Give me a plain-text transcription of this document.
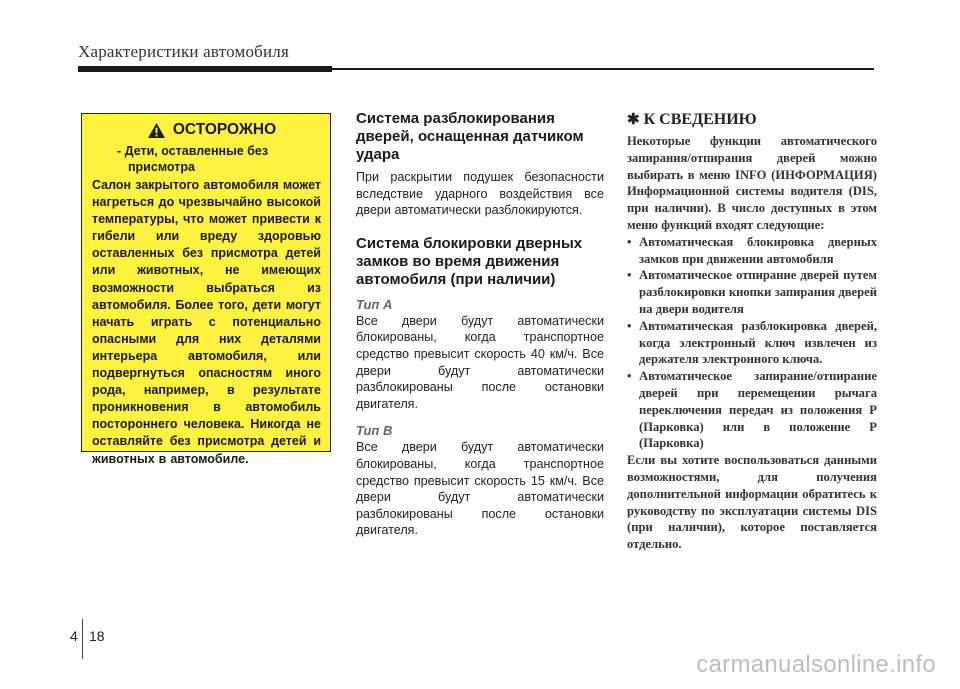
Характеристики автомобиля
ОСТОРОЖНО
- Дети, оставленные без присмотра
Салон закрытого автомобиля может нагреться до чрезвычайно высокой температуры, что может привести к гибели или вреду здоровью оставленных без присмотра детей или животных, не имеющих возможности выбраться из автомобиля. Более того, дети могут начать играть с потенциально опасными для них деталями интерьера автомобиля, или подвергнуться опасностям иного рода, например, в результате проникновения в автомобиль постороннего человека. Никогда не оставляйте без присмотра детей и животных в автомобиле.
Система разблокирования дверей, оснащенная датчиком удара

При раскрытии подушек безопасности вследствие ударного воздействия все двери автоматически разблокируются.

Система блокировки дверных замков во время движения автомобиля (при наличии)
Тип А

Все двери будут автоматически блокированы, когда транспортное средство превысит скорость 40 км/ч. Все двери будут автоматически разблокированы после остановки двигателя.

Тип В

Все двери будут автоматически блокированы, когда транспортное средство превысит скорость 15 км/ч. Все двери будут автоматически разблокированы после остановки двигателя.

✱ К СВЕДЕНИЮ

Некоторые функции автоматического запирания/отпирания дверей можно выбирать в меню INFO (ИНФОРМАЦИЯ) Информационной системы водителя (DIS, при наличии). В число доступных в этом меню функций входят следующие:

• Автоматическая блокировка дверных замков при движении автомобиля
• Автоматическое отпирание дверей путем разблокировки кнопки запирания дверей на двери водителя
• Автоматическая разблокировка дверей, когда электронный ключ извлечен из держателя электронного ключа.
• Автоматическое запирание/отпирание дверей при перемещении рычага переключения передач из положения P (Парковка) или в положение P (Парковка)

Если вы хотите воспользоваться данными возможностями, для получения дополнительной информации обратитесь к руководству по эксплуатации системы DIS (при наличии), которое поставляется отдельно.

4 18
carmanualsonline.info
